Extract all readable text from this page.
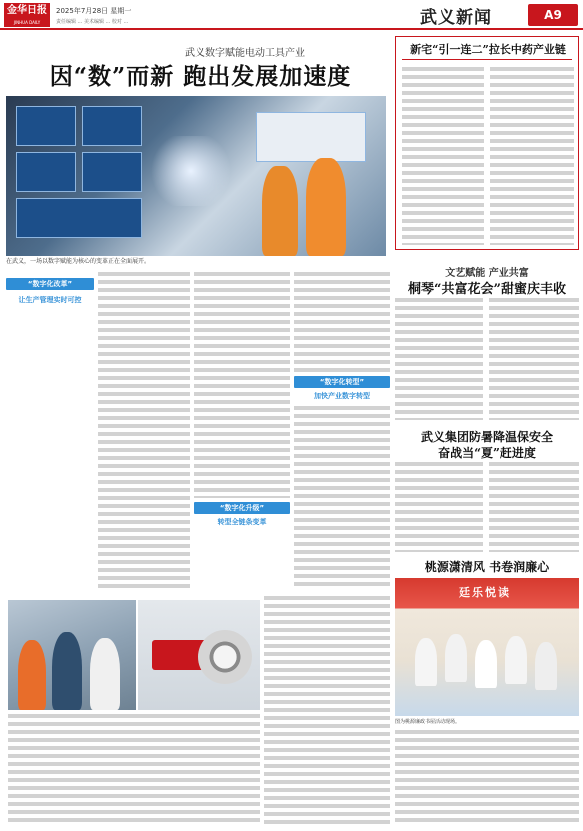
金华日报
JINHUA DAILY
2025年7月28日 星期一
责任编辑 ... 美术编辑 ... 校对 ...	武义新闻	A9
武义数字赋能电动工具产业
因“数”而新 跑出发展加速度
在武义，一场以数字赋能为核心的变革正在全面展开。
“数字化改革”
让生产管理实时可控
“数字化升级”
转型全链条变革
“数字化转型”
加快产业数字转型
新宅“引一连二”拉长中药产业链
文艺赋能 产业共富
桐琴“共富花会”甜蜜庆丰收
武义集团防暑降温保安全
奋战当“夏”赶进度
桃源潇清风 书卷润廉心
廷乐悦读
图为桃源廉政书屋活动现场。
